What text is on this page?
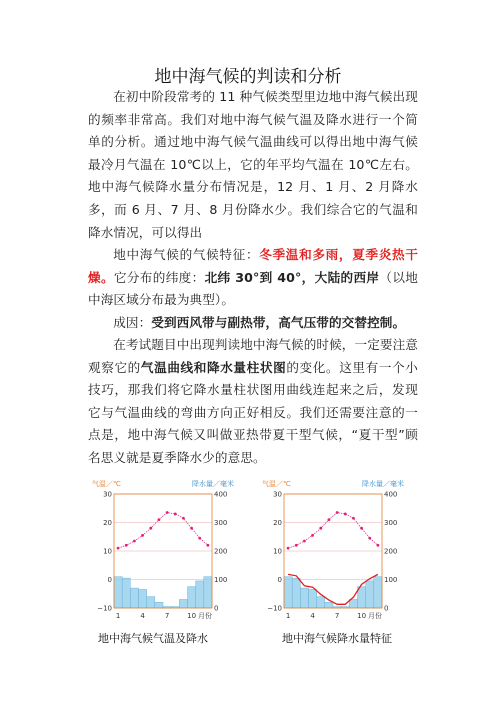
地中海气候的判读和分析

在初中阶段常考的 11 种气候类型里边地中海气候出现的频率非常高。我们对地中海气候气温及降水进行一个简单的分析。通过地中海气候气温曲线可以得出地中海气候最冷月气温在 10℃以上，它的年平均气温在 10℃左右。地中海气候降水量分布情况是，12 月、1 月、2 月降水多，而 6 月、7 月、8 月份降水少。我们综合它的气温和降水情况，可以得出

地中海气候的气候特征：冬季温和多雨，夏季炎热干燥。它分布的纬度：北纬 30°到 40°，大陆的西岸（以地中海区域分布最为典型）。

成因：受到西风带与副热带，高气压带的交替控制。

在考试题目中出现判读地中海气候的时候，一定要注意观察它的气温曲线和降水量柱状图的变化。这里有一个小技巧，那我们将它降水量柱状图用曲线连起来之后，发现它与气温曲线的弯曲方向正好相反。我们还需要注意的一点是，地中海气候又叫做亚热带夏干型气候，“夏干型”顾名思义就是夏季降水少的意思。

气温／℃	降水量／毫米
30
20
10
0
−10
400
300
200
100
0
1	4	7	10 月份
气温／℃	降水量／毫米
30
20
10
0
−10
400
300
200
100
0
1	4	7	10 月份
地中海气候气温及降水	地中海气候降水量特征
